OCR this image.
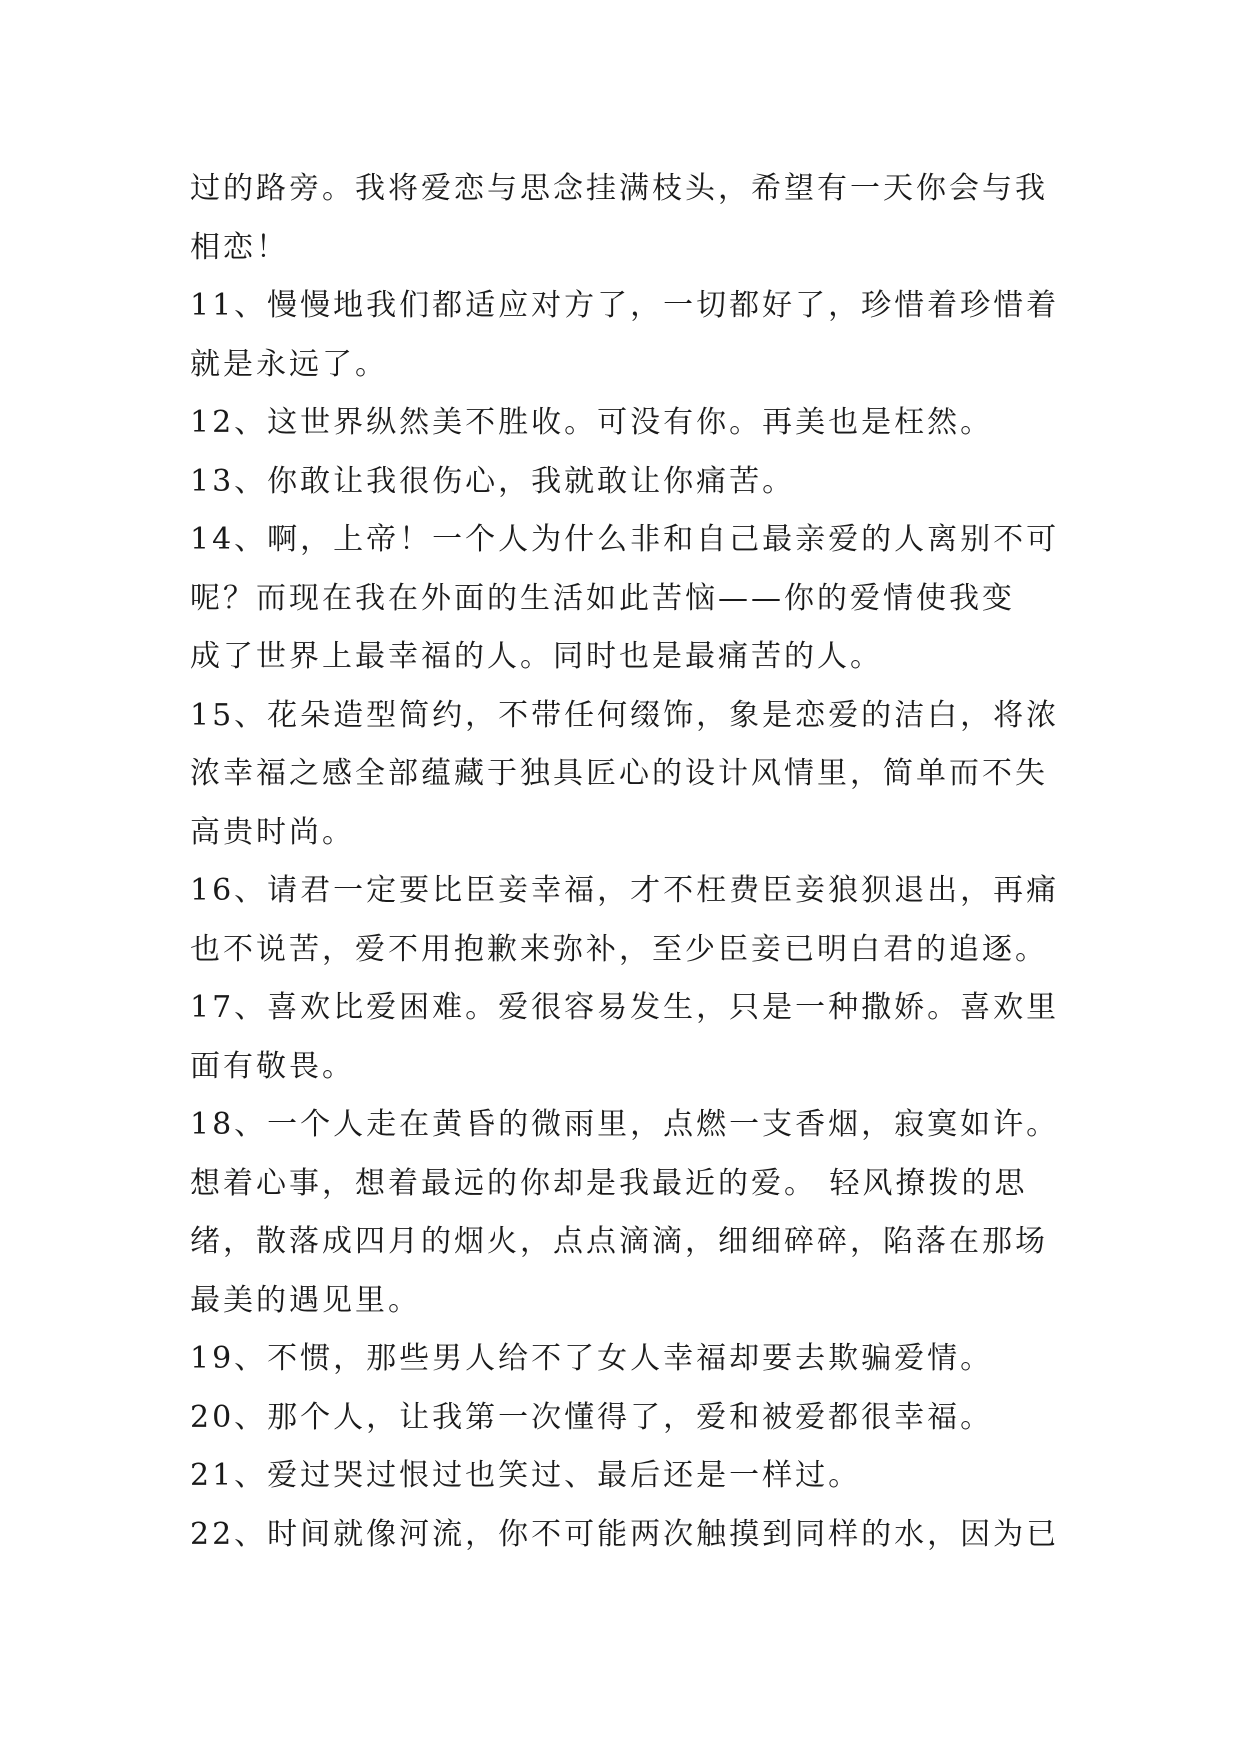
过的路旁。我将爱恋与思念挂满枝头，希望有一天你会与我
相恋！
11、慢慢地我们都适应对方了，一切都好了，珍惜着珍惜着
就是永远了。
12、这世界纵然美不胜收。可没有你。再美也是枉然。
13、你敢让我很伤心，我就敢让你痛苦。
14、啊，上帝！一个人为什么非和自己最亲爱的人离别不可
呢？而现在我在外面的生活如此苦恼——你的爱情使我变
成了世界上最幸福的人。同时也是最痛苦的人。
15、花朵造型简约，不带任何缀饰，象是恋爱的洁白，将浓
浓幸福之感全部蕴藏于独具匠心的设计风情里，简单而不失
高贵时尚。
16、请君一定要比臣妾幸福，才不枉费臣妾狼狈退出，再痛
也不说苦，爱不用抱歉来弥补，至少臣妾已明白君的追逐。
17、喜欢比爱困难。爱很容易发生，只是一种撒娇。喜欢里
面有敬畏。
18、一个人走在黄昏的微雨里，点燃一支香烟，寂寞如许。
想着心事，想着最远的你却是我最近的爱。 轻风撩拨的思
绪，散落成四月的烟火，点点滴滴，细细碎碎，陷落在那场
最美的遇见里。
19、不惯，那些男人给不了女人幸福却要去欺骗爱情。
20、那个人，让我第一次懂得了，爱和被爱都很幸福。
21、爱过哭过恨过也笑过、最后还是一样过。
22、时间就像河流，你不可能两次触摸到同样的水，因为已
